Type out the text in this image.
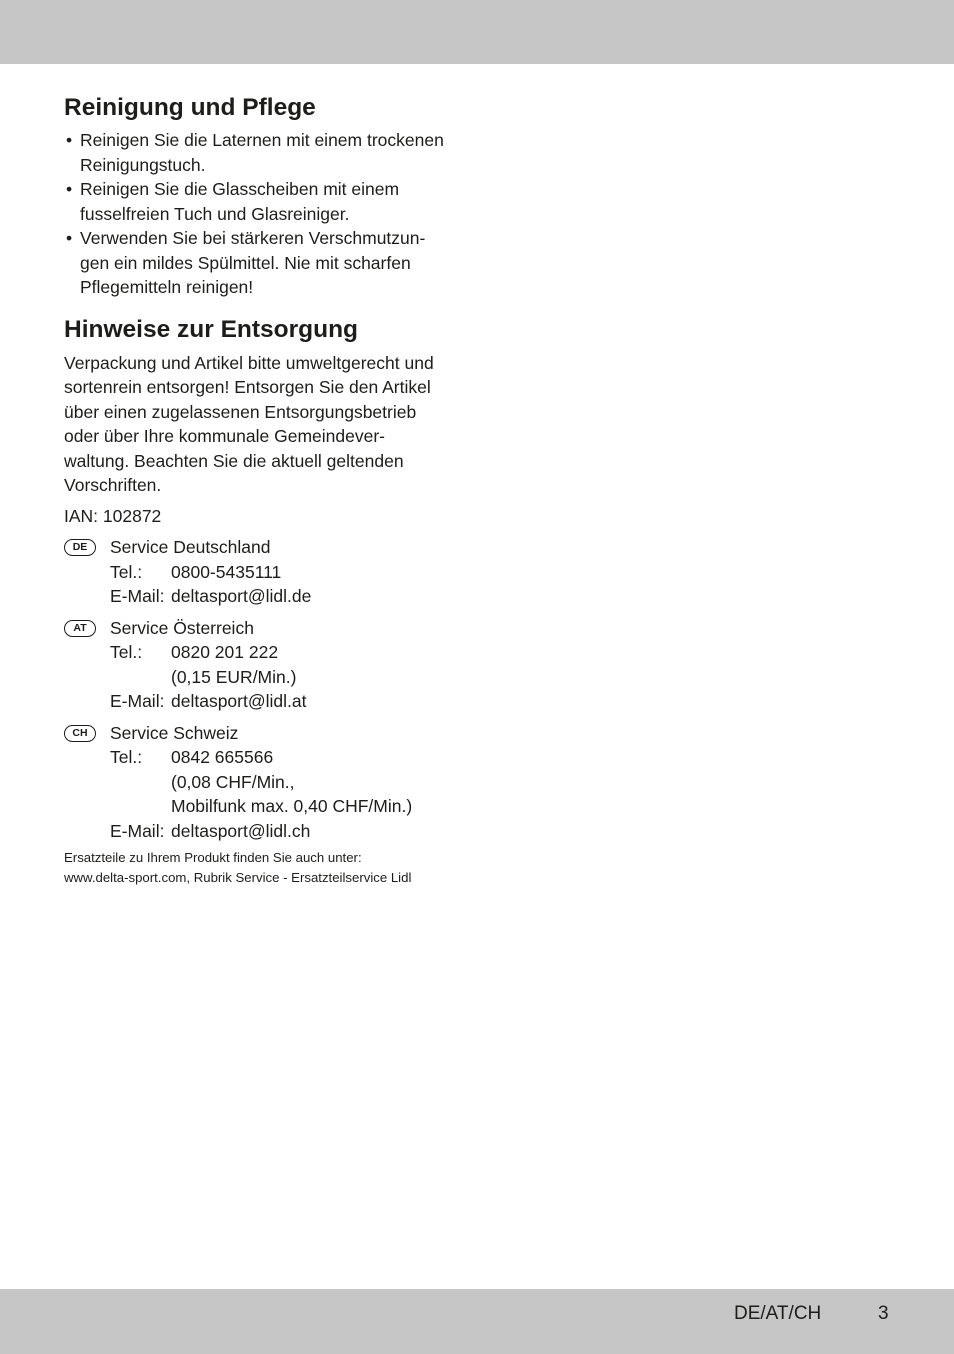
Reinigung und Pflege
• Reinigen Sie die Laternen mit einem trockenen
Reinigungstuch.
• Reinigen Sie die Glasscheiben mit einem
fusselfreien Tuch und Glasreiniger.
• Verwenden Sie bei stärkeren Verschmutzun-
gen ein mildes Spülmittel. Nie mit scharfen
Pflegemitteln reinigen!
Hinweise zur Entsorgung

Verpackung und Artikel bitte umweltgerecht und
sortenrein entsorgen! Entsorgen Sie den Artikel
über einen zugelassenen Entsorgungsbetrieb
oder über Ihre kommunale Gemeindever-
waltung. Beachten Sie die aktuell geltenden
Vorschriften.

IAN: 102872

DE	Service Deutschland
Tel.: 0800-5435111
E-Mail: deltasport@lidl.de
AT	Service Österreich
Tel.: 0820 201 222
(0,15 EUR/Min.)
E-Mail: deltasport@lidl.at
CH	Service Schweiz
Tel.: 0842 665566
(0,08 CHF/Min.,
Mobilfunk max. 0,40 CHF/Min.)
E-Mail: deltasport@lidl.ch
Ersatzteile zu Ihrem Produkt finden Sie auch unter:
www.delta-sport.com, Rubrik Service - Ersatzteilservice Lidl
DE/AT/CH	3
